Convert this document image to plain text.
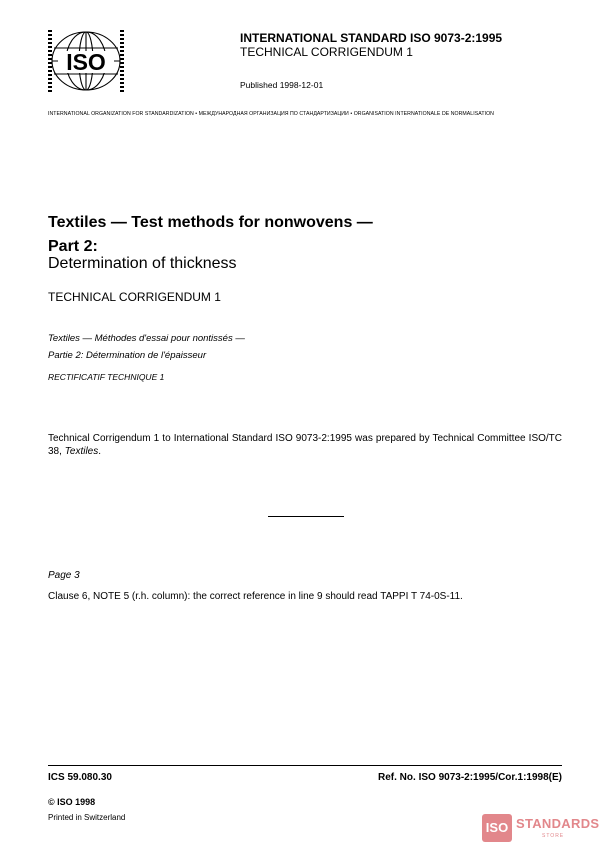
ISO
INTERNATIONAL STANDARD ISO 9073-2:1995
TECHNICAL CORRIGENDUM 1
Published 1998-12-01
INTERNATIONAL ORGANIZATION FOR STANDARDIZATION • МЕЖДУНАРОДНАЯ ОРГАНИЗАЦИЯ ПО СТАНДАРТИЗАЦИИ • ORGANISATION INTERNATIONALE DE NORMALISATION
Textiles — Test methods for nonwovens —
Part 2:
Determination of thickness
TECHNICAL CORRIGENDUM 1
Textiles — Méthodes d'essai pour nontissés —
Partie 2: Détermination de l'épaisseur
RECTIFICATIF TECHNIQUE 1
Technical Corrigendum 1 to International Standard ISO 9073-2:1995 was prepared by Technical Committee ISO/TC 38, Textiles.
Page 3
Clause 6, NOTE 5 (r.h. column): the correct reference in line 9 should read TAPPI T 74-0S-11.
ICS 59.080.30	Ref. No. ISO 9073-2:1995/Cor.1:1998(E)
© ISO 1998
Printed in Switzerland
ISO STANDARDS
STORE
